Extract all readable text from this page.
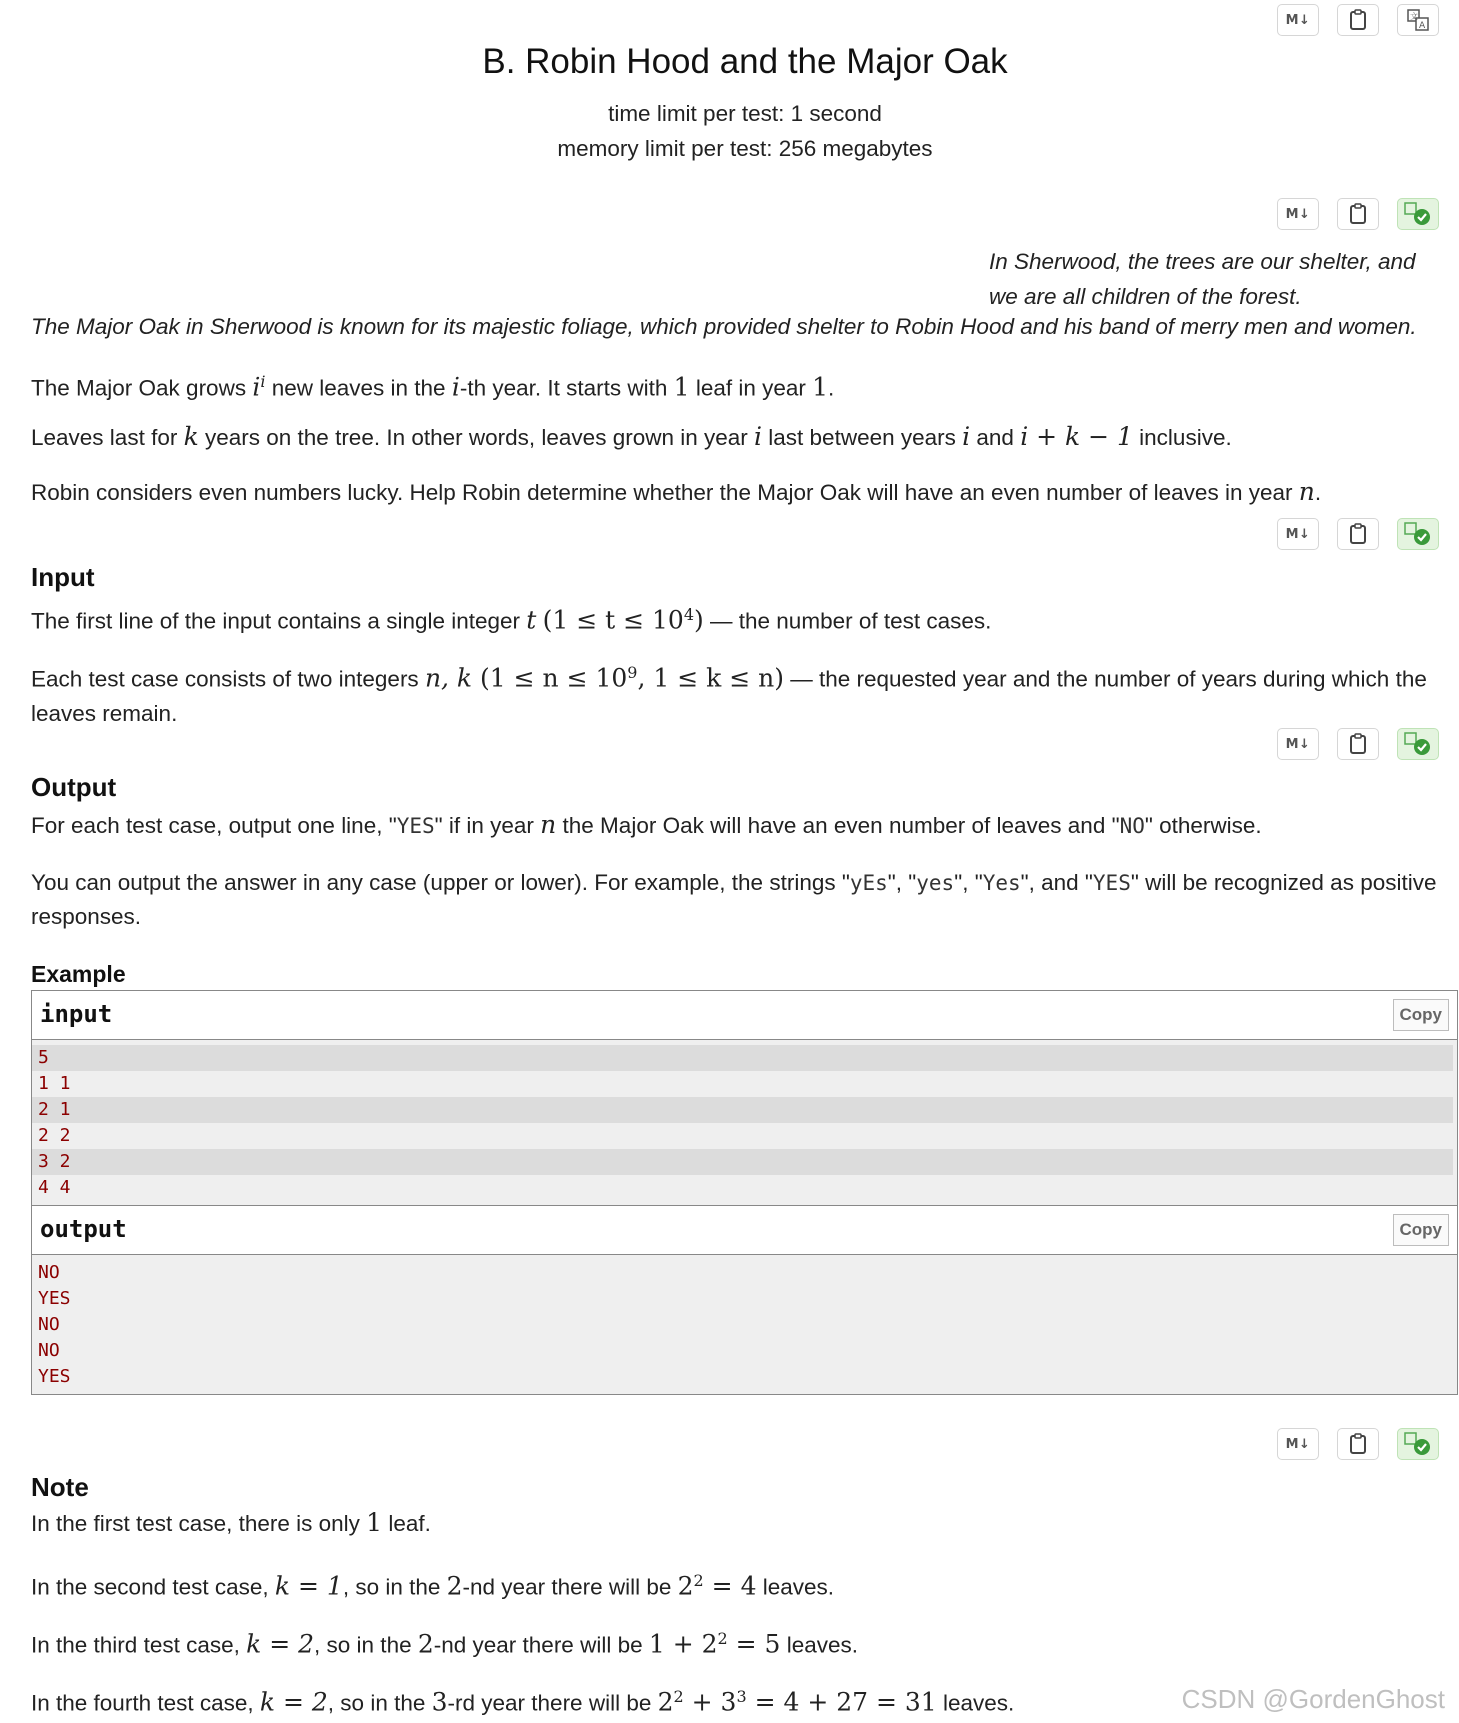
M↓	文
A
B. Robin Hood and the Major Oak
time limit per test: 1 second
memory limit per test: 256 megabytes
M↓
In Sherwood, the trees are our shelter, and
we are all children of the forest.
The Major Oak in Sherwood is known for its majestic foliage, which provided shelter to Robin Hood and his band of merry men and women.
The Major Oak grows $i^i$ new leaves in the i-th year. It starts with 1 leaf in year 1.
Leaves last for k years on the tree. In other words, leaves grown in year i last between years i and i + k − 1 inclusive.
Robin considers even numbers lucky. Help Robin determine whether the Major Oak will have an even number of leaves in year n.
M↓
Input
The first line of the input contains a single integer t $(1 \le t \le 10^4)$ — the number of test cases.
Each test case consists of two integers n, k ($1 \le n \le 10^9$, 1 ≤ k ≤ n) — the requested year and the number of years during which the leaves remain.
M↓
Output
For each test case, output one line, "YES" if in year n the Major Oak will have an even number of leaves and "NO" otherwise.
You can output the answer in any case (upper or lower). For example, the strings "yEs", "yes", "Yes", and "YES" will be recognized as positive responses.
Example
input	Copy
5
1 1
2 1
2 2
3 2
4 4
output	Copy
NO
YES
NO
NO
YES
M↓
Note
In the first test case, there is only 1 leaf.
In the second test case, k = 1, so in the 2-nd year there will be $2^2 = 4$ leaves.
In the third test case, k = 2, so in the 2-nd year there will be $1 + 2^2 = 5$ leaves.
In the fourth test case, k = 2, so in the 3-rd year there will be $2^2 + 3^3 = 4 + 27 = 31$ leaves.	CSDN @GordenGhost
